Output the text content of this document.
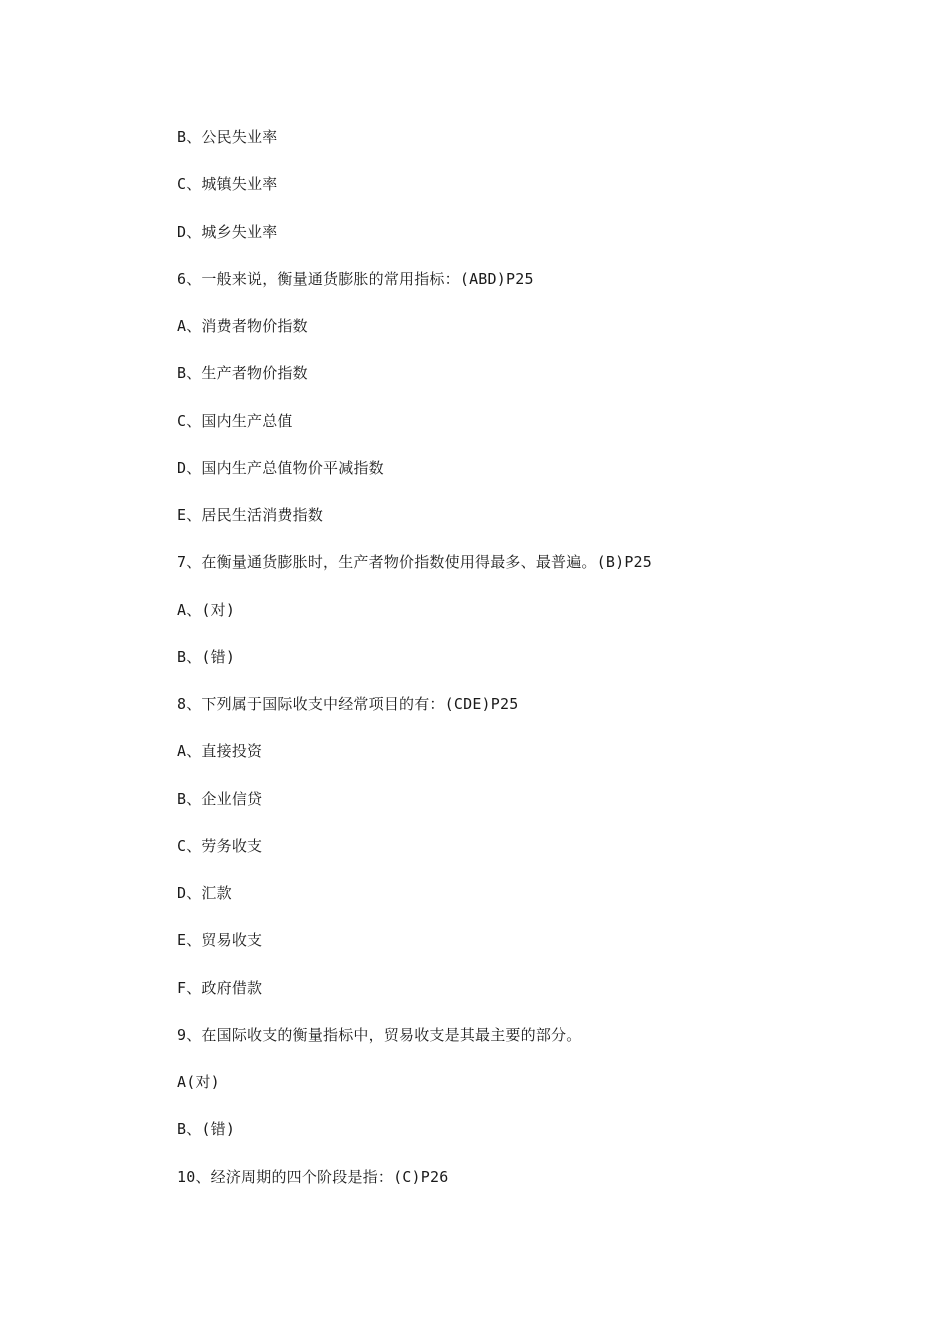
B、公民失业率
C、城镇失业率
D、城乡失业率
6、一般来说，衡量通货膨胀的常用指标：(ABD)P25
A、消费者物价指数
B、生产者物价指数
C、国内生产总值
D、国内生产总值物价平减指数
E、居民生活消费指数
7、在衡量通货膨胀时，生产者物价指数使用得最多、最普遍。(B)P25
A、(对)
B、(错)
8、下列属于国际收支中经常项目的有：(CDE)P25
A、直接投资
B、企业信贷
C、劳务收支
D、汇款
E、贸易收支
F、政府借款
9、在国际收支的衡量指标中，贸易收支是其最主要的部分。
A(对)
B、(错)
10、经济周期的四个阶段是指：(C)P26
